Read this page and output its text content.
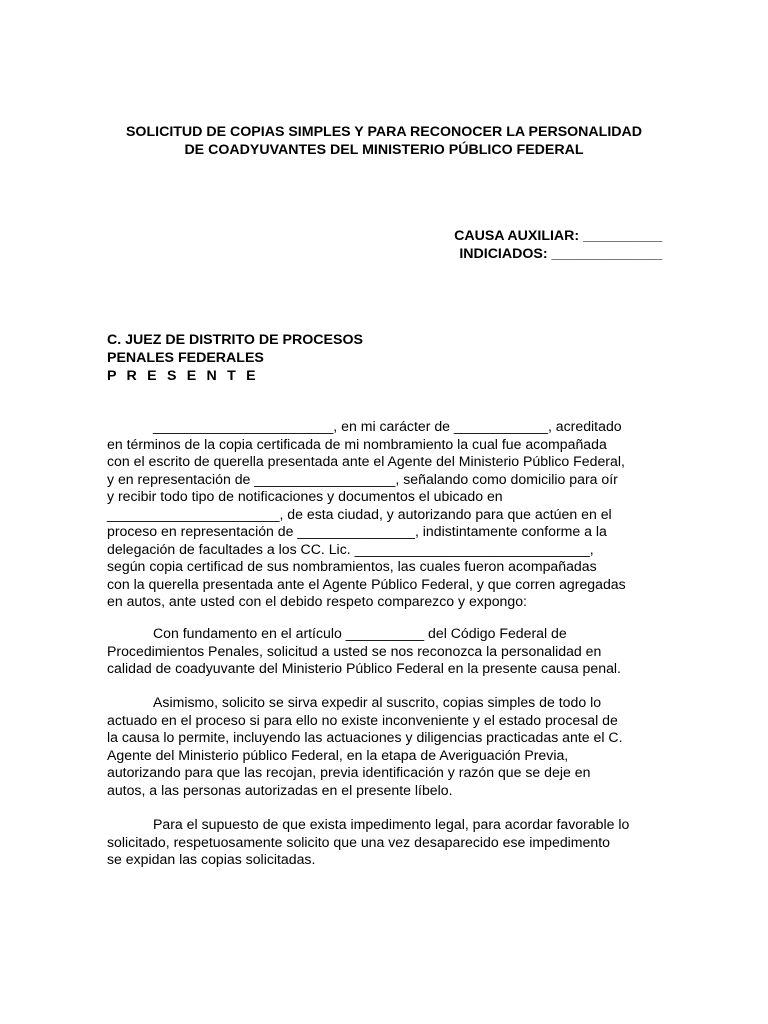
SOLICITUD DE COPIAS SIMPLES Y PARA RECONOCER LA PERSONALIDAD
DE COADYUVANTES DEL MINISTERIO PÚBLICO FEDERAL
CAUSA AUXILIAR: __________
INDICIADOS: ______________
C. JUEZ DE DISTRITO DE PROCESOS
PENALES FEDERALES
P R E S E N T E
_______________________, en mi carácter de ____________, acreditado
en términos de la copia certificada de mi nombramiento la cual fue acompañada
con el escrito de querella presentada ante el Agente del Ministerio Público Federal,
y en representación de __________________, señalando como domicilio para oír
y recibir todo tipo de notificaciones y documentos el ubicado en
______________________, de esta ciudad, y autorizando para que actúen en el
proceso en representación de _______________, indistintamente conforme a la
delegación de facultades a los CC. Lic. ______________________________,
según copia certificad de sus nombramientos, las cuales fueron acompañadas
con la querella presentada ante el Agente Público Federal, y que corren agregadas
en autos, ante usted con el debido respeto comparezco y expongo:
Con fundamento en el artículo __________ del Código Federal de
Procedimientos Penales, solicitud a usted se nos reconozca la personalidad en
calidad de coadyuvante del Ministerio Público Federal en la presente causa penal.
Asimismo, solicito se sirva expedir al suscrito, copias simples de todo lo
actuado en el proceso si para ello no existe inconveniente y el estado procesal de
la causa lo permite, incluyendo las actuaciones y diligencias practicadas ante el C.
Agente del Ministerio público Federal, en la etapa de Averiguación Previa,
autorizando para que las recojan, previa identificación y razón que se deje en
autos, a las personas autorizadas en el presente líbelo.
Para el supuesto de que exista impedimento legal, para acordar favorable lo
solicitado, respetuosamente solicito que una vez desaparecido ese impedimento
se expidan las copias solicitadas.
